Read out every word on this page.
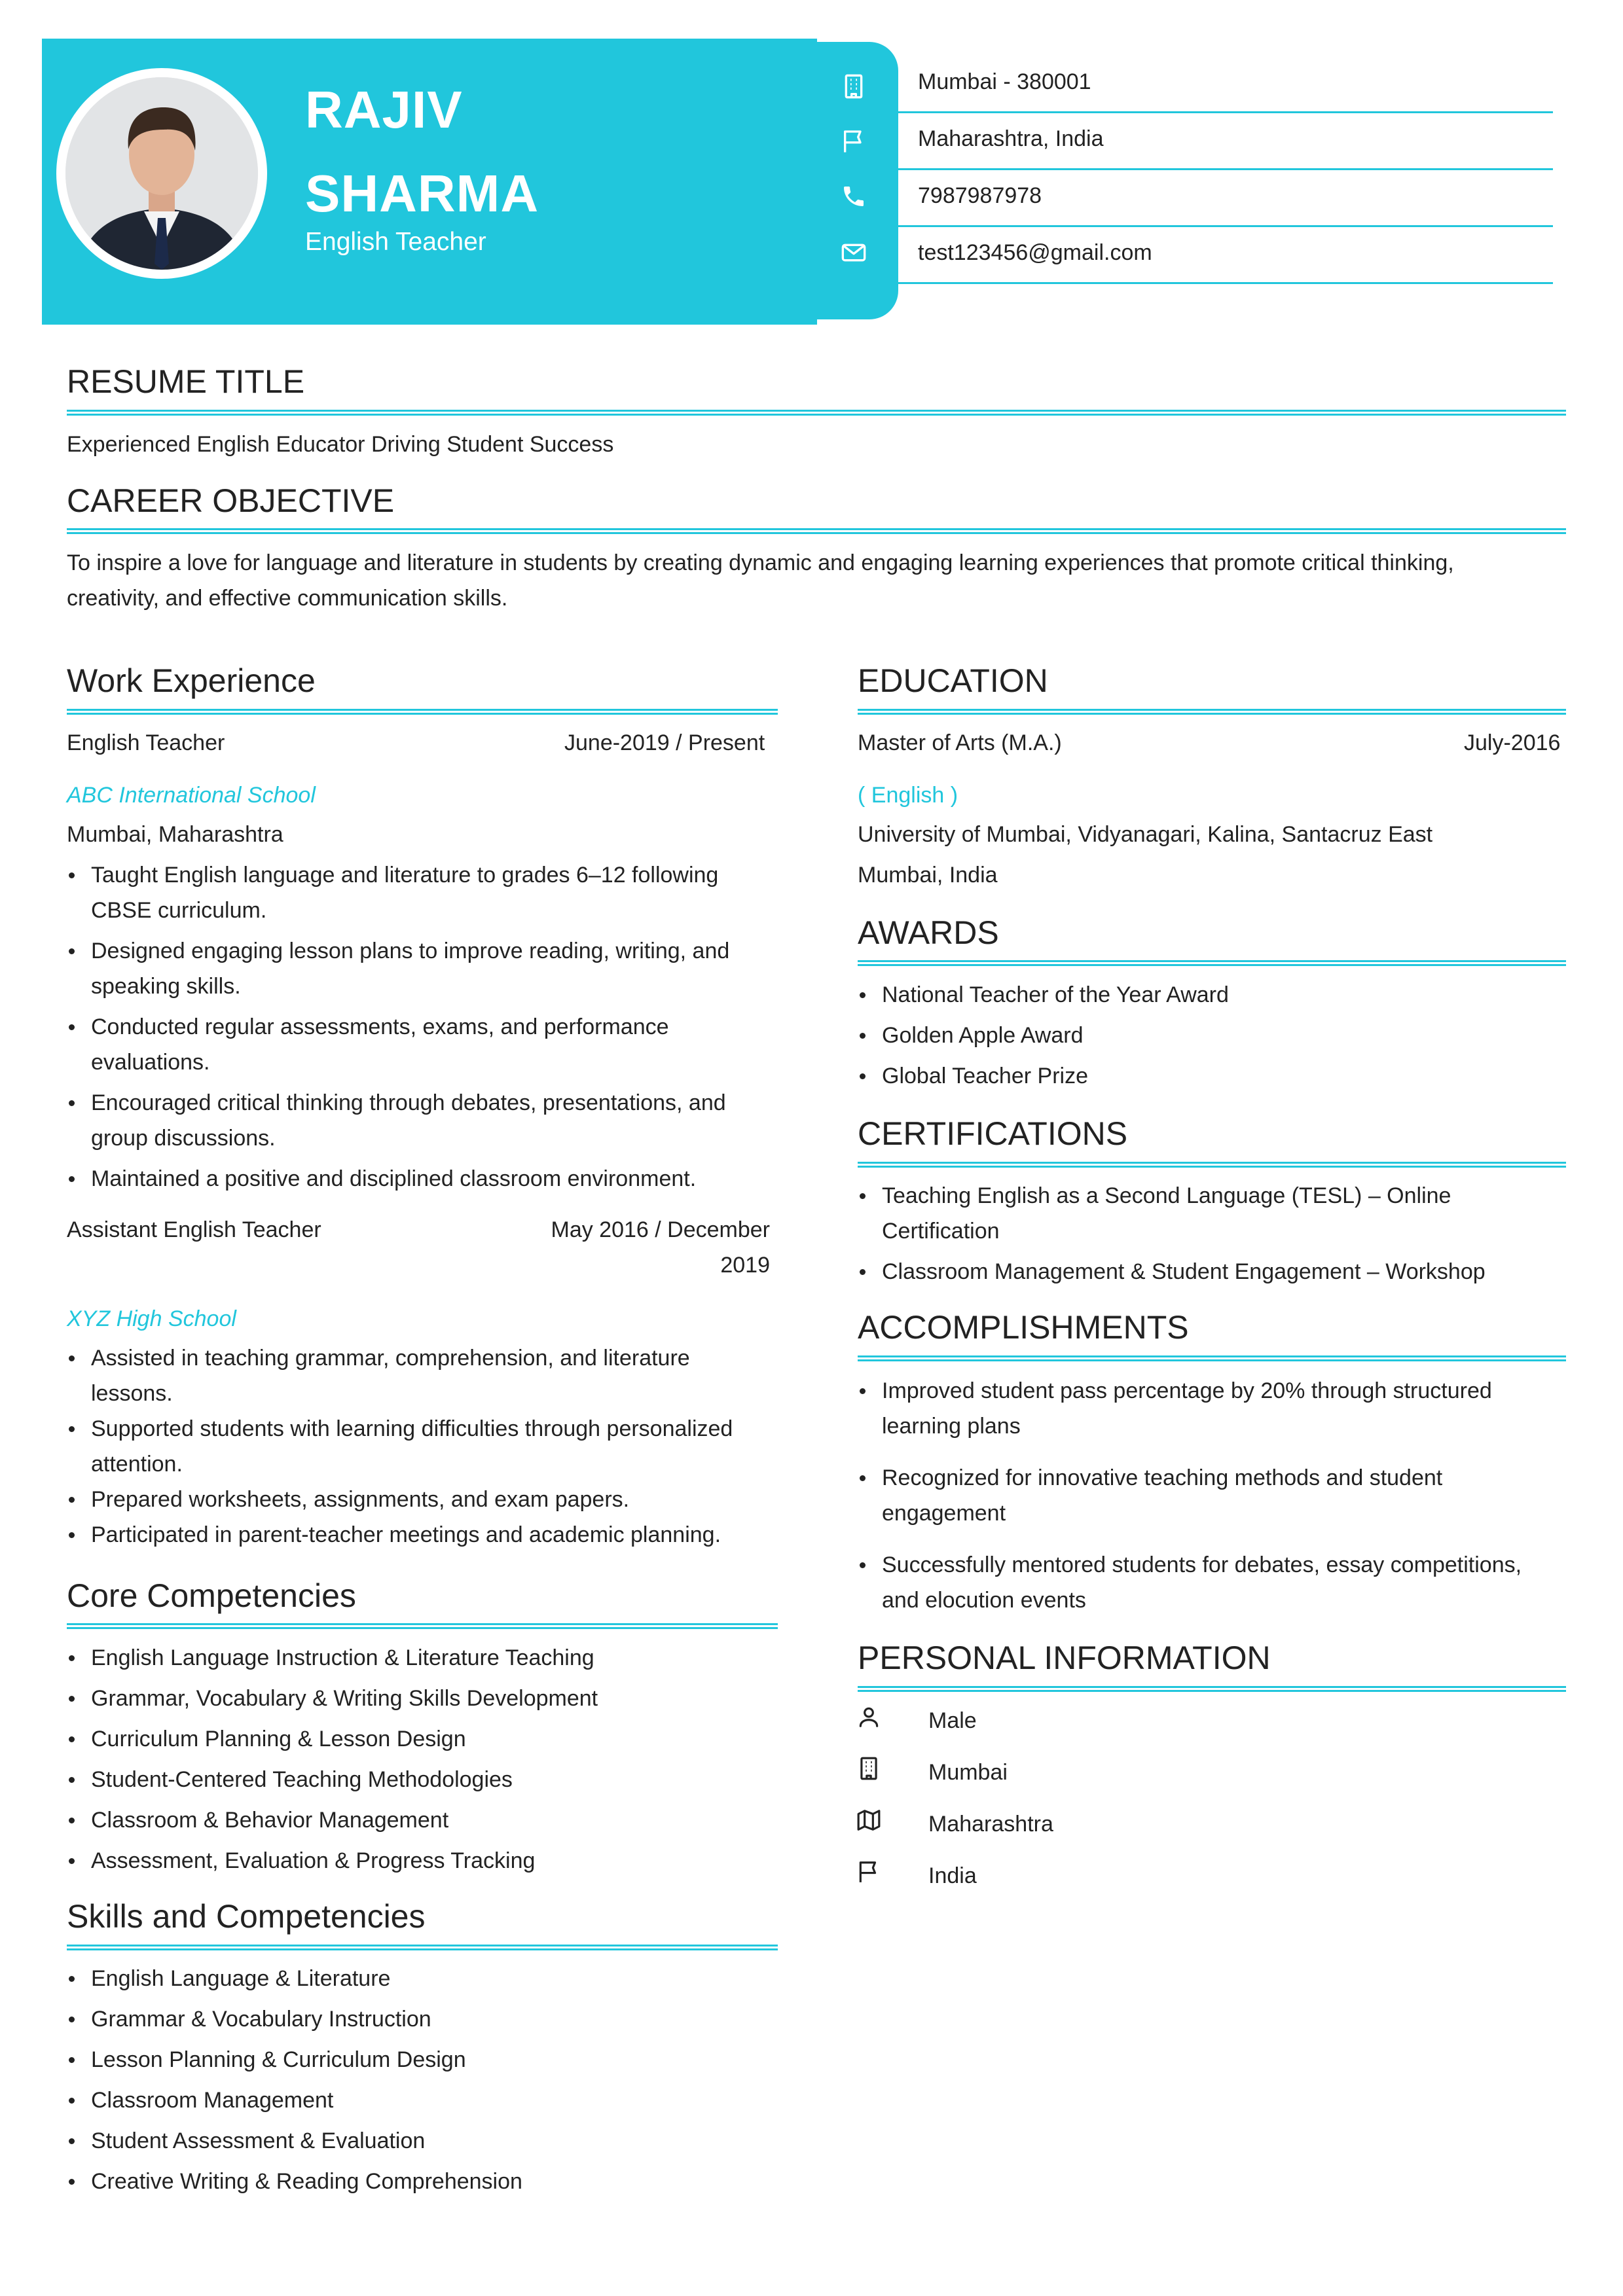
RAJIV
SHARMA
English Teacher
Mumbai - 380001
Maharashtra, India
7987987978
test123456@gmail.com
RESUME TITLE
Experienced English Educator Driving Student Success
CAREER OBJECTIVE
To inspire a love for language and literature in students by creating dynamic and engaging learning experiences that promote critical thinking,
creativity, and effective communication skills.
Work Experience
English Teacher	June-2019 / Present
ABC International School
Mumbai, Maharashtra
Taught English language and literature to grades 6–12 following CBSE curriculum.
Designed engaging lesson plans to improve reading, writing, and speaking skills.
Conducted regular assessments, exams, and performance evaluations.
Encouraged critical thinking through debates, presentations, and group discussions.
Maintained a positive and disciplined classroom environment.
Assistant English Teacher	May 2016 / December
2019
XYZ High School
Assisted in teaching grammar, comprehension, and literature lessons.
Supported students with learning difficulties through personalized attention.
Prepared worksheets, assignments, and exam papers.
Participated in parent-teacher meetings and academic planning.
Core Competencies
English Language Instruction & Literature Teaching
Grammar, Vocabulary & Writing Skills Development
Curriculum Planning & Lesson Design
Student-Centered Teaching Methodologies
Classroom & Behavior Management
Assessment, Evaluation & Progress Tracking
Skills and Competencies
English Language & Literature
Grammar & Vocabulary Instruction
Lesson Planning & Curriculum Design
Classroom Management
Student Assessment & Evaluation
Creative Writing & Reading Comprehension
EDUCATION
Master of Arts (M.A.)	July-2016
( English )
University of Mumbai, Vidyanagari, Kalina, Santacruz East
Mumbai, India
AWARDS
National Teacher of the Year Award
Golden Apple Award
Global Teacher Prize
CERTIFICATIONS
Teaching English as a Second Language (TESL) – Online Certification
Classroom Management & Student Engagement – Workshop
ACCOMPLISHMENTS
Improved student pass percentage by 20% through structured learning plans
Recognized for innovative teaching methods and student engagement
Successfully mentored students for debates, essay competitions, and elocution events
PERSONAL INFORMATION
Male
Mumbai
Maharashtra
India
